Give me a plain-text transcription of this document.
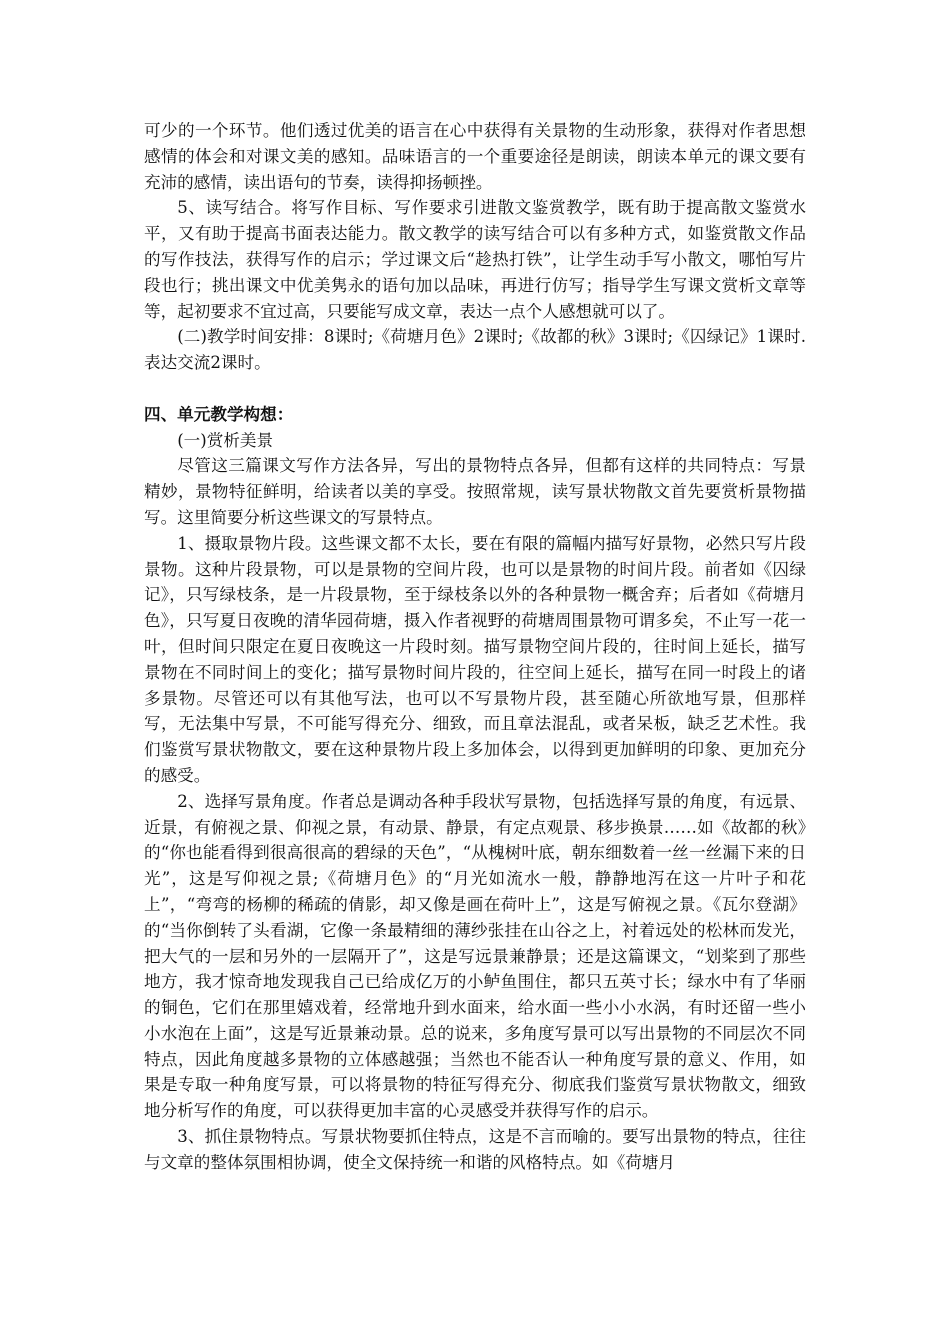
可少的一个环节。他们透过优美的语言在心中获得有关景物的生动形象，获得对作者思想感情的体会和对课文美的感知。品味语言的一个重要途径是朗读，朗读本单元的课文要有充沛的感情，读出语句的节奏，读得抑扬顿挫。

5、读写结合。将写作目标、写作要求引进散文鉴赏教学，既有助于提高散文鉴赏水平，又有助于提高书面表达能力。散文教学的读写结合可以有多种方式，如鉴赏散文作品的写作技法，获得写作的启示；学过课文后“趁热打铁”，让学生动手写小散文，哪怕写片段也行；挑出课文中优美隽永的语句加以品味，再进行仿写；指导学生写课文赏析文章等等，起初要求不宜过高，只要能写成文章，表达一点个人感想就可以了。

(二)教学时间安排：8课时;《荷塘月色》2课时;《故都的秋》3课时;《囚绿记》1课时.表达交流2课时。

四、单元教学构想：

(一)赏析美景

尽管这三篇课文写作方法各异，写出的景物特点各异，但都有这样的共同特点：写景精妙，景物特征鲜明，给读者以美的享受。按照常规，读写景状物散文首先要赏析景物描写。这里简要分析这些课文的写景特点。

1、摄取景物片段。这些课文都不太长，要在有限的篇幅内描写好景物，必然只写片段景物。这种片段景物，可以是景物的空间片段，也可以是景物的时间片段。前者如《囚绿记》，只写绿枝条，是一片段景物，至于绿枝条以外的各种景物一概舍弃；后者如《荷塘月色》，只写夏日夜晚的清华园荷塘，摄入作者视野的荷塘周围景物可谓多矣，不止写一花一叶，但时间只限定在夏日夜晚这一片段时刻。描写景物空间片段的，往时间上延长，描写景物在不同时间上的变化；描写景物时间片段的，往空间上延长，描写在同一时段上的诸多景物。尽管还可以有其他写法，也可以不写景物片段，甚至随心所欲地写景，但那样写，无法集中写景，不可能写得充分、细致，而且章法混乱，或者呆板，缺乏艺术性。我们鉴赏写景状物散文，要在这种景物片段上多加体会，以得到更加鲜明的印象、更加充分的感受。

2、选择写景角度。作者总是调动各种手段状写景物，包括选择写景的角度，有远景、近景，有俯视之景、仰视之景，有动景、静景，有定点观景、移步换景……如《故都的秋》的“你也能看得到很高很高的碧绿的天色”，“从槐树叶底，朝东细数着一丝一丝漏下来的日光”，这是写仰视之景;《荷塘月色》的“月光如流水一般，静静地泻在这一片叶子和花上”，“弯弯的杨柳的稀疏的倩影，却又像是画在荷叶上”，这是写俯视之景。《瓦尔登湖》的“当你倒转了头看湖，它像一条最精细的薄纱张挂在山谷之上，衬着远处的松林而发光，把大气的一层和另外的一层隔开了”，这是写远景兼静景；还是这篇课文，“划桨到了那些地方，我才惊奇地发现我自己已给成亿万的小鲈鱼围住，都只五英寸长；绿水中有了华丽的铜色，它们在那里嬉戏着，经常地升到水面来，给水面一些小小水涡，有时还留一些小小水泡在上面”，这是写近景兼动景。总的说来，多角度写景可以写出景物的不同层次不同特点，因此角度越多景物的立体感越强；当然也不能否认一种角度写景的意义、作用，如果是专取一种角度写景，可以将景物的特征写得充分、彻底我们鉴赏写景状物散文，细致地分析写作的角度，可以获得更加丰富的心灵感受并获得写作的启示。

3、抓住景物特点。写景状物要抓住特点，这是不言而喻的。要写出景物的特点，往往与文章的整体氛围相协调，使全文保持统一和谐的风格特点。如《荷塘月
